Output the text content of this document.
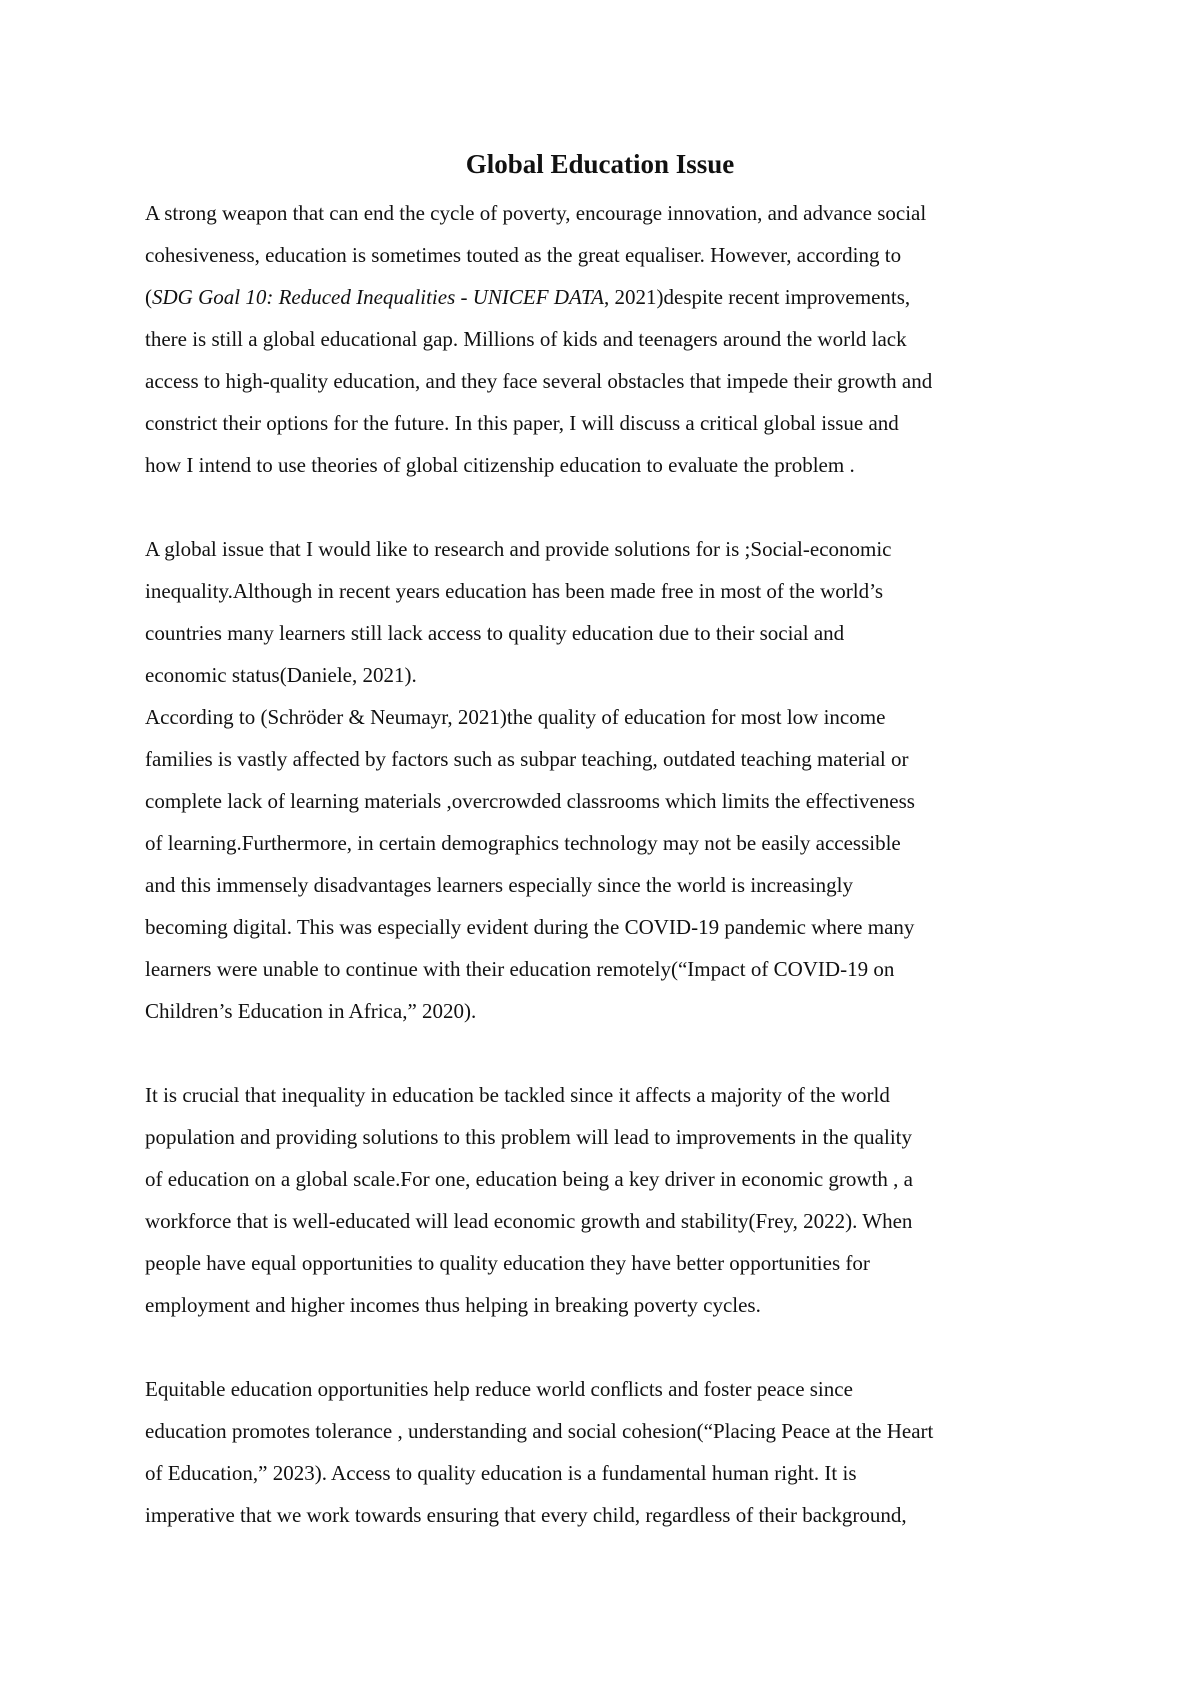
Global Education Issue

A strong weapon that can end the cycle of poverty, encourage innovation, and advance social

cohesiveness, education is sometimes touted as the great equaliser. However, according to

(SDG Goal 10: Reduced Inequalities - UNICEF DATA, 2021)despite recent improvements,

there is still a global educational gap. Millions of kids and teenagers around the world lack

access to high-quality education, and they face several obstacles that impede their growth and

constrict their options for the future. In this paper, I will discuss a critical global issue and

how I intend to use theories of global citizenship education to evaluate the problem .

A global issue that I would like to research and provide solutions for is ;Social-economic

inequality.Although in recent years education has been made free in most of the world’s

countries many learners still lack access to quality education due to their social and

economic status(Daniele, 2021).

According to (Schröder & Neumayr, 2021)the quality of education for most low income

families is vastly affected by factors such as subpar teaching, outdated teaching material or

complete lack of learning materials ,overcrowded classrooms which limits the effectiveness

of learning.Furthermore, in certain demographics technology may not be easily accessible

and this immensely disadvantages learners especially since the world is increasingly

becoming digital. This was especially evident during the COVID-19 pandemic where many

learners were unable to continue with their education remotely(“Impact of COVID-19 on

Children’s Education in Africa,” 2020).

It is crucial that inequality in education be tackled since it affects a majority of the world

population and providing solutions to this problem will lead to improvements in the quality

of education on a global scale.For one, education being a key driver in economic growth , a

workforce that is well-educated will lead economic growth and stability(Frey, 2022). When

people have equal opportunities to quality education they have better opportunities for

employment and higher incomes thus helping in breaking poverty cycles.

Equitable education opportunities help reduce world conflicts and foster peace since

education promotes tolerance , understanding and social cohesion(“Placing Peace at the Heart

of Education,” 2023). Access to quality education is a fundamental human right. It is

imperative that we work towards ensuring that every child, regardless of their background,
